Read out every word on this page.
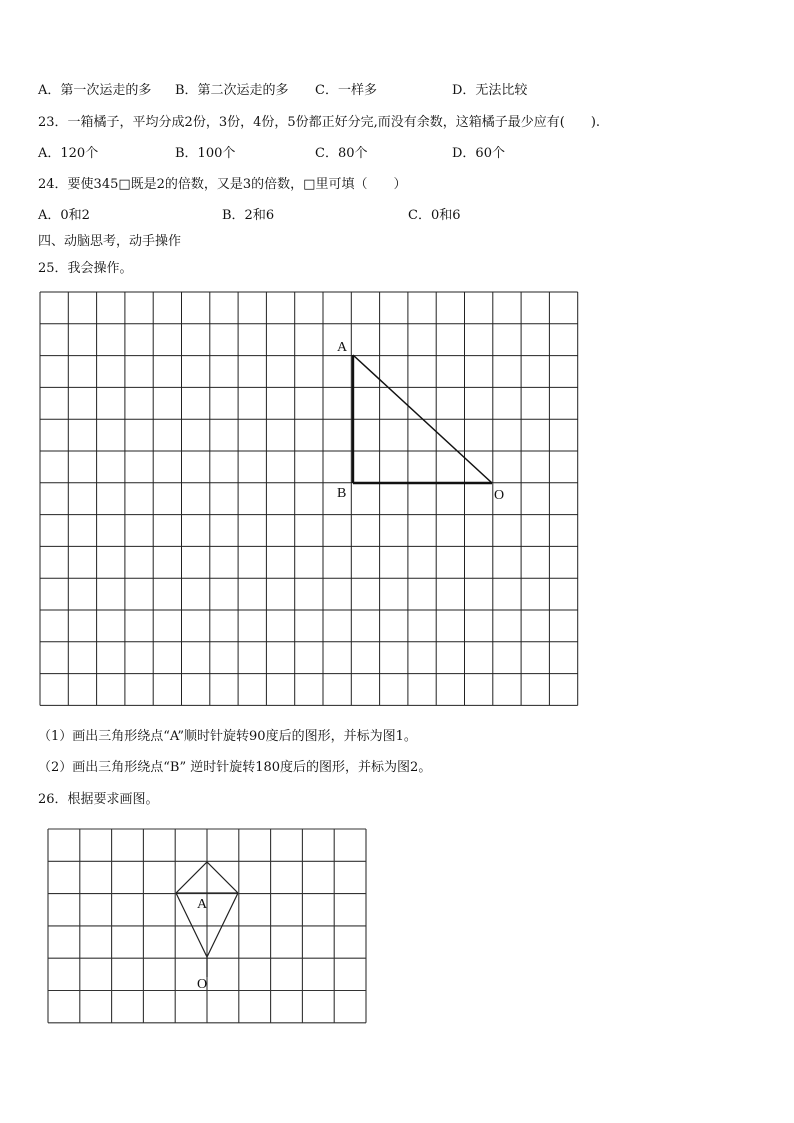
A．第一次运走的多 B．第二次运走的多 C．一样多	D．无法比较
23．一箱橘子，平均分成2份，3份，4份，5份都正好分完,而没有余数，这箱橘子最少应有(　　).
A．120个	B．100个	C．80个	D．60个
24．要使345□既是2的倍数，又是3的倍数，□里可填（　　）
A．0和2	B．2和6	C．0和6
四、动脑思考，动手操作
25．我会操作。
A
B	O
（1）画出三角形绕点“A”顺时针旋转90度后的图形，并标为图1。
（2）画出三角形绕点“B” 逆时针旋转180度后的图形，并标为图2。
26．根据要求画图。
A
O
